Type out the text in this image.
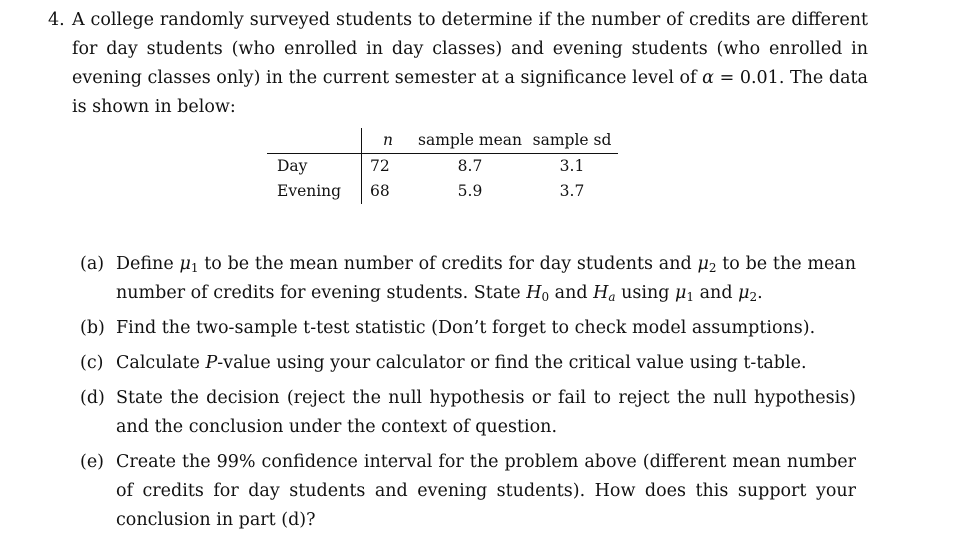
4. A college randomly surveyed students to determine if the number of credits are different for day students (who enrolled in day classes) and evening students (who enrolled in evening classes only) in the current semester at a significance level of α = 0.01. The data is shown in below:
	n	sample mean	sample sd
Day	72	8.7	3.1
Evening	68	5.9	3.7
(a) Define $\mu_1$ to be the mean number of credits for day students and $\mu_2$ to be the mean number of credits for evening students. State $H_0$ and $H_a$ using $\mu_1$ and $\mu_2$.
(b) Find the two-sample t-test statistic (Don’t forget to check model assumptions).
(c) Calculate P-value using your calculator or find the critical value using t-table.
(d) State the decision (reject the null hypothesis or fail to reject the null hypothesis) and the conclusion under the context of question.
(e) Create the 99% confidence interval for the problem above (different mean number of credits for day students and evening students). How does this support your conclusion in part (d)?
